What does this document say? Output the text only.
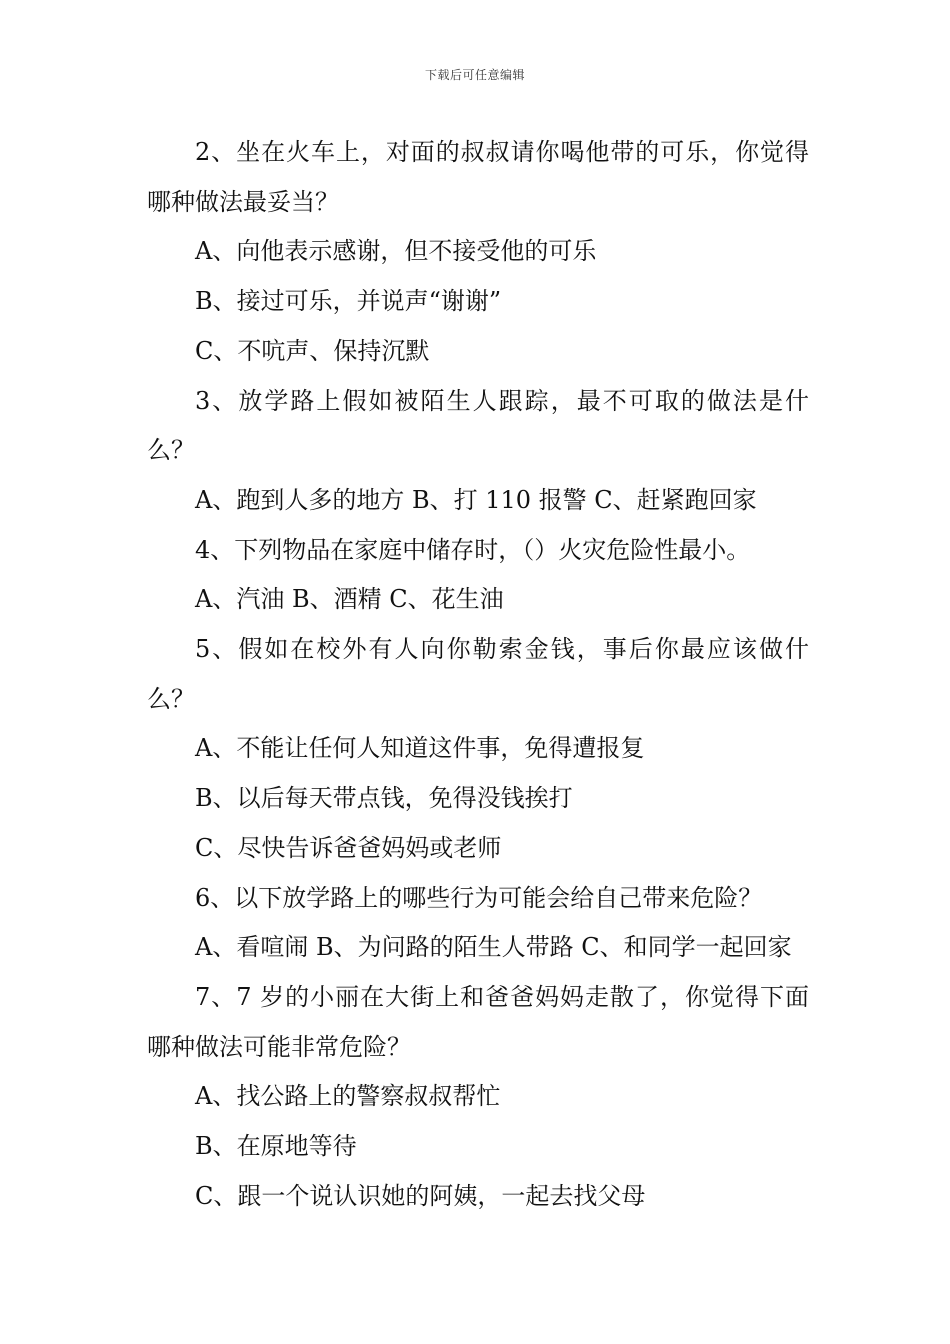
下载后可任意编辑

2、坐在火车上，对面的叔叔请你喝他带的可乐，你觉得哪种做法最妥当？

A、向他表示感谢，但不接受他的可乐

B、接过可乐，并说声“谢谢”

C、不吭声、保持沉默

3、放学路上假如被陌生人跟踪，最不可取的做法是什么？

A、跑到人多的地方 B、打 110 报警 C、赶紧跑回家

4、下列物品在家庭中储存时，（）火灾危险性最小。

A、汽油 B、酒精 C、花生油

5、假如在校外有人向你勒索金钱，事后你最应该做什么？

A、不能让任何人知道这件事，免得遭报复

B、以后每天带点钱，免得没钱挨打

C、尽快告诉爸爸妈妈或老师

6、以下放学路上的哪些行为可能会给自己带来危险？

A、看喧闹 B、为问路的陌生人带路 C、和同学一起回家

7、7 岁的小丽在大街上和爸爸妈妈走散了，你觉得下面哪种做法可能非常危险？

A、找公路上的警察叔叔帮忙

B、在原地等待

C、跟一个说认识她的阿姨，一起去找父母
